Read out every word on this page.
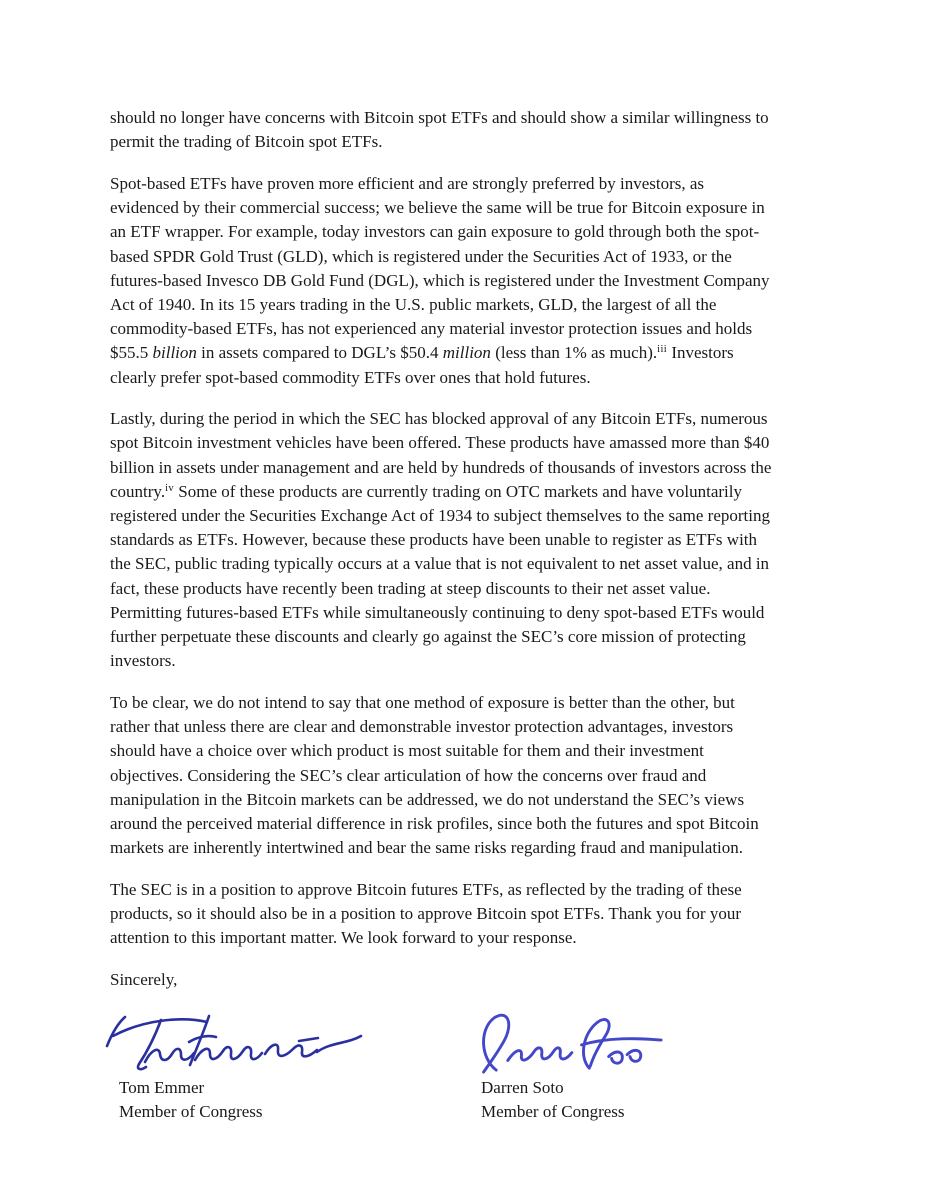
should no longer have concerns with Bitcoin spot ETFs and should show a similar willingness to
permit the trading of Bitcoin spot ETFs.
Spot-based ETFs have proven more efficient and are strongly preferred by investors, as
evidenced by their commercial success; we believe the same will be true for Bitcoin exposure in
an ETF wrapper. For example, today investors can gain exposure to gold through both the spot-
based SPDR Gold Trust (GLD), which is registered under the Securities Act of 1933, or the
futures-based Invesco DB Gold Fund (DGL), which is registered under the Investment Company
Act of 1940. In its 15 years trading in the U.S. public markets, GLD, the largest of all the
commodity-based ETFs, has not experienced any material investor protection issues and holds
$55.5 billion in assets compared to DGL’s $50.4 million (less than 1% as much).$^{iii}$ Investors
clearly prefer spot-based commodity ETFs over ones that hold futures.
Lastly, during the period in which the SEC has blocked approval of any Bitcoin ETFs, numerous
spot Bitcoin investment vehicles have been offered. These products have amassed more than $40
billion in assets under management and are held by hundreds of thousands of investors across the
country.$^{iv}$ Some of these products are currently trading on OTC markets and have voluntarily
registered under the Securities Exchange Act of 1934 to subject themselves to the same reporting
standards as ETFs. However, because these products have been unable to register as ETFs with
the SEC, public trading typically occurs at a value that is not equivalent to net asset value, and in
fact, these products have recently been trading at steep discounts to their net asset value.
Permitting futures-based ETFs while simultaneously continuing to deny spot-based ETFs would
further perpetuate these discounts and clearly go against the SEC’s core mission of protecting
investors.
To be clear, we do not intend to say that one method of exposure is better than the other, but
rather that unless there are clear and demonstrable investor protection advantages, investors
should have a choice over which product is most suitable for them and their investment
objectives. Considering the SEC’s clear articulation of how the concerns over fraud and
manipulation in the Bitcoin markets can be addressed, we do not understand the SEC’s views
around the perceived material difference in risk profiles, since both the futures and spot Bitcoin
markets are inherently intertwined and bear the same risks regarding fraud and manipulation.
The SEC is in a position to approve Bitcoin futures ETFs, as reflected by the trading of these
products, so it should also be in a position to approve Bitcoin spot ETFs. Thank you for your
attention to this important matter. We look forward to your response.
Sincerely,
Tom Emmer
Member of Congress
Darren Soto
Member of Congress
